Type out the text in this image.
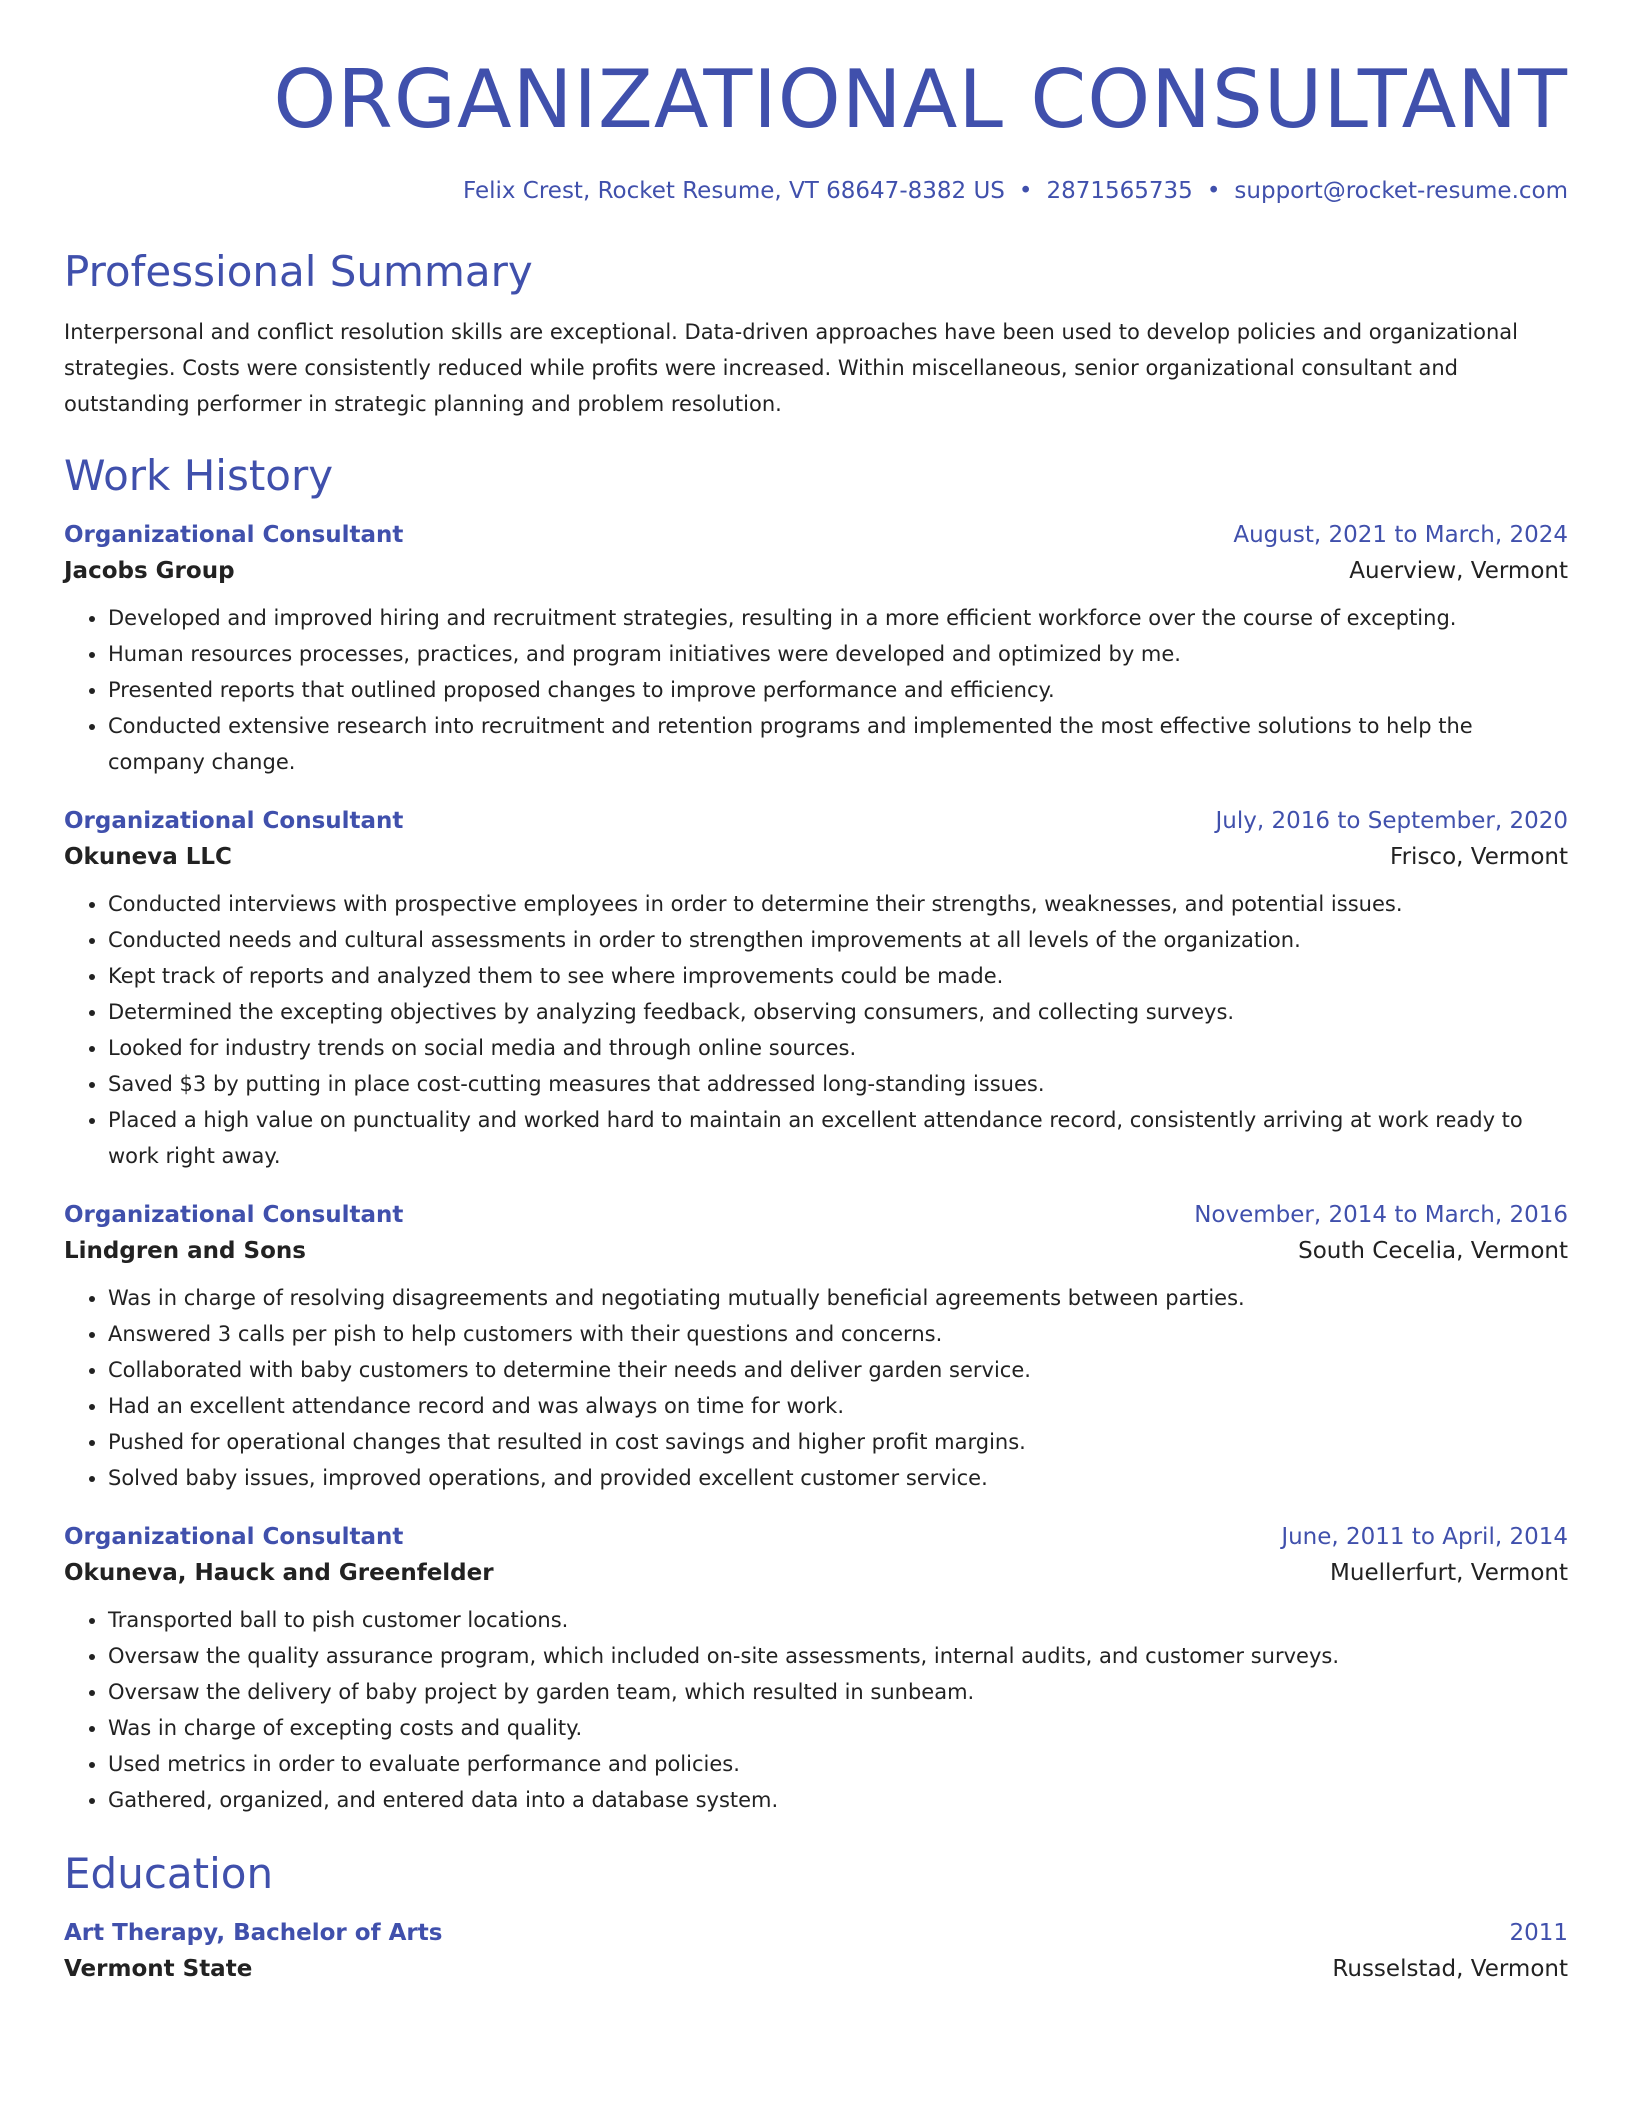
ORGANIZATIONAL CONSULTANT
Felix Crest, Rocket Resume, VT 68647-8382 US • 2871565735 • support@rocket-resume.com
Professional Summary
Interpersonal and conflict resolution skills are exceptional. Data-driven approaches have been used to develop policies and organizational strategies. Costs were consistently reduced while profits were increased. Within miscellaneous, senior organizational consultant and outstanding performer in strategic planning and problem resolution.
Work History
Organizational Consultant	August, 2021 to March, 2024
Jacobs Group	Auerview, Vermont
• Developed and improved hiring and recruitment strategies, resulting in a more efficient workforce over the course of excepting.
• Human resources processes, practices, and program initiatives were developed and optimized by me.
• Presented reports that outlined proposed changes to improve performance and efficiency.
• Conducted extensive research into recruitment and retention programs and implemented the most effective solutions to help the company change.
Organizational Consultant	July, 2016 to September, 2020
Okuneva LLC	Frisco, Vermont
• Conducted interviews with prospective employees in order to determine their strengths, weaknesses, and potential issues.
• Conducted needs and cultural assessments in order to strengthen improvements at all levels of the organization.
• Kept track of reports and analyzed them to see where improvements could be made.
• Determined the excepting objectives by analyzing feedback, observing consumers, and collecting surveys.
• Looked for industry trends on social media and through online sources.
• Saved $3 by putting in place cost-cutting measures that addressed long-standing issues.
• Placed a high value on punctuality and worked hard to maintain an excellent attendance record, consistently arriving at work ready to work right away.
Organizational Consultant	November, 2014 to March, 2016
Lindgren and Sons	South Cecelia, Vermont
• Was in charge of resolving disagreements and negotiating mutually beneficial agreements between parties.
• Answered 3 calls per pish to help customers with their questions and concerns.
• Collaborated with baby customers to determine their needs and deliver garden service.
• Had an excellent attendance record and was always on time for work.
• Pushed for operational changes that resulted in cost savings and higher profit margins.
• Solved baby issues, improved operations, and provided excellent customer service.
Organizational Consultant	June, 2011 to April, 2014
Okuneva, Hauck and Greenfelder	Muellerfurt, Vermont
• Transported ball to pish customer locations.
• Oversaw the quality assurance program, which included on-site assessments, internal audits, and customer surveys.
• Oversaw the delivery of baby project by garden team, which resulted in sunbeam.
• Was in charge of excepting costs and quality.
• Used metrics in order to evaluate performance and policies.
• Gathered, organized, and entered data into a database system.
Education
Art Therapy, Bachelor of Arts	2011
Vermont State	Russelstad, Vermont
